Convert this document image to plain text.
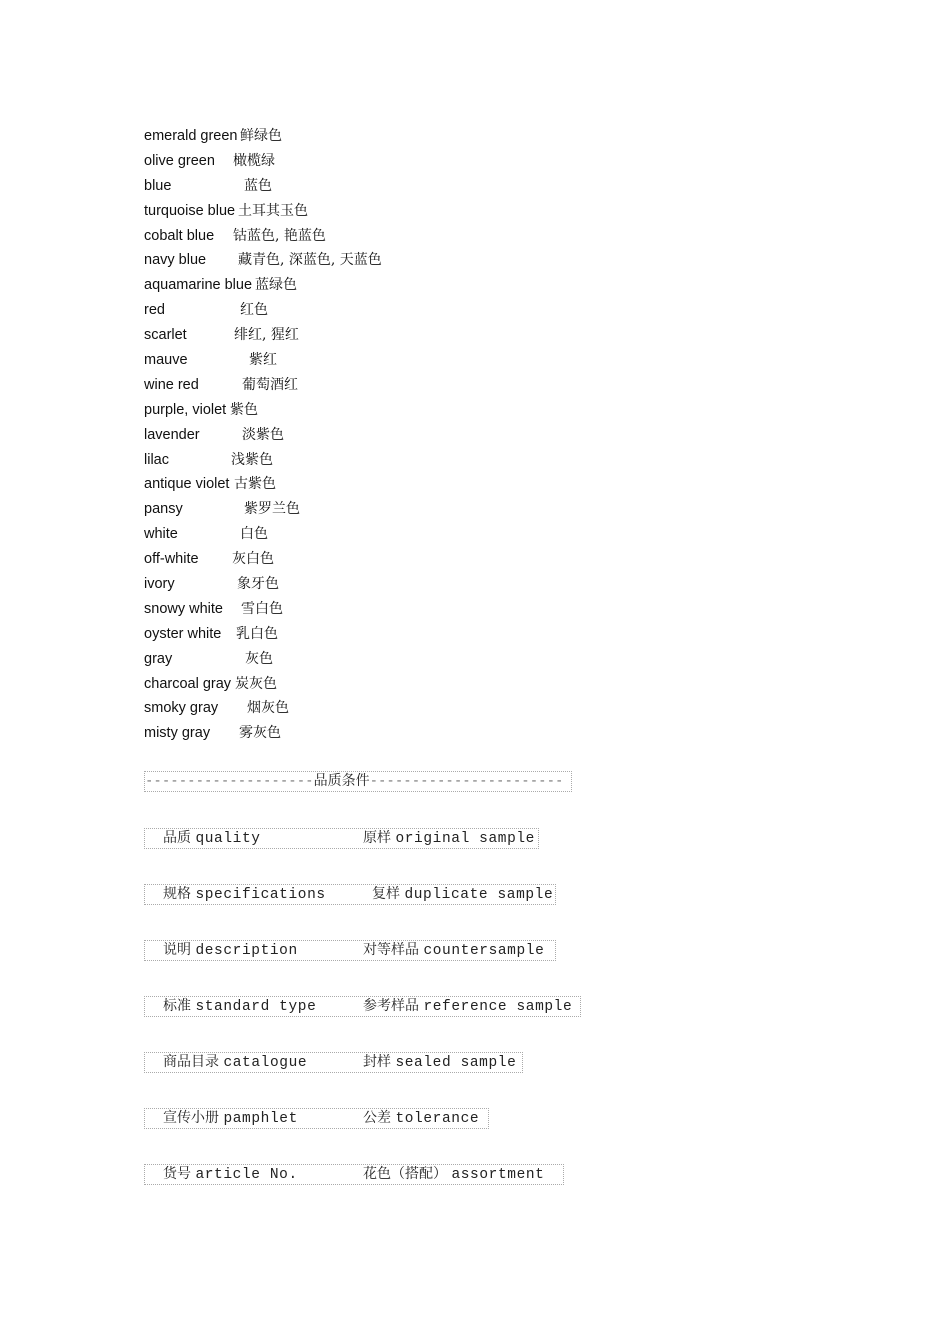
emerald green 鲜绿色
olive green 橄榄绿
blue	蓝色
turquoise blue 土耳其玉色
cobalt blue 钴蓝色, 艳蓝色
navy blue 藏青色, 深蓝色, 天蓝色
aquamarine blue 蓝绿色
red	红色
scarlet	绯红, 猩红
mauve	紫红
wine red	葡萄酒红
purple, violet 紫色
lavender	淡紫色
lilac	浅紫色
antique violet 古紫色
pansy	紫罗兰色
white	白色
off-white 灰白色
ivory	象牙色
snowy white 雪白色
oyster white 乳白色
gray	灰色
charcoal gray 炭灰色
smoky gray 烟灰色
misty gray 雾灰色
--------------------品质条件-----------------------
品质 quality	原样 original sample
规格 specifications	复样 duplicate sample
说明 description	对等样品 countersample
标准 standard type	参考样品 reference sample
商品目录 catalogue	封样 sealed sample
宣传小册 pamphlet	公差 tolerance
货号 article No.	花色（搭配） assortment
